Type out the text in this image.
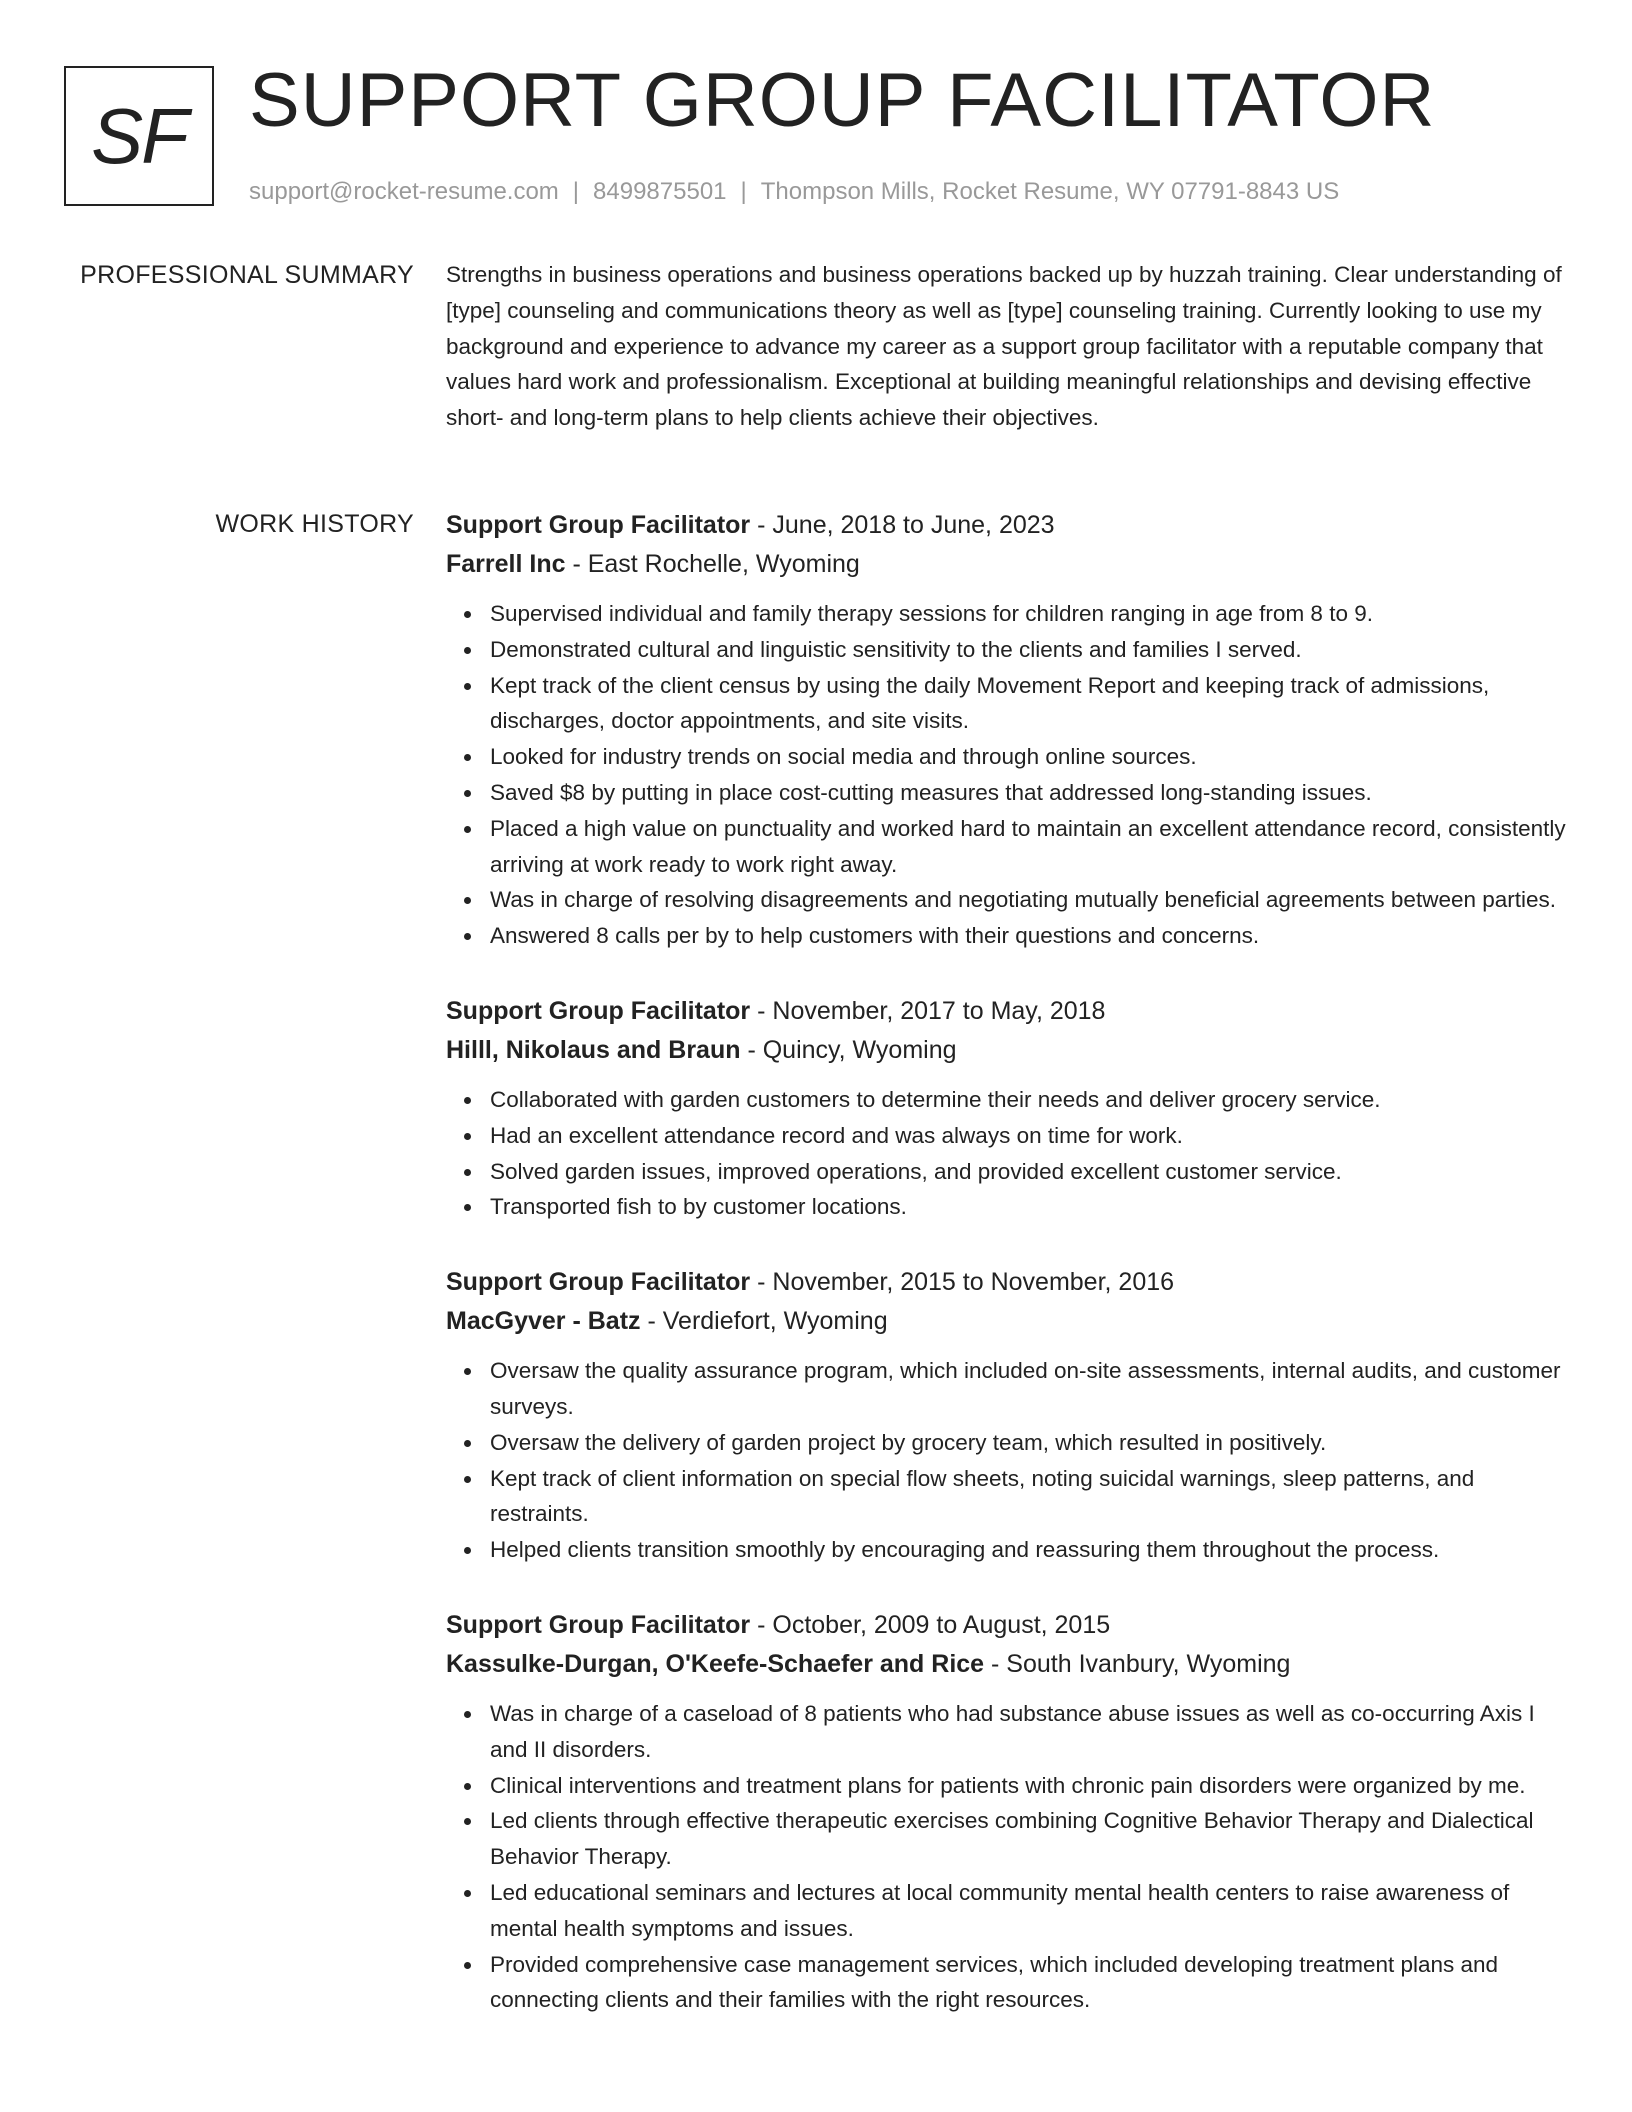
SF SUPPORT GROUP FACILITATOR
support@rocket-resume.com | 8499875501 | Thompson Mills, Rocket Resume, WY 07791-8843 US
PROFESSIONAL SUMMARY Strengths in business operations and business operations backed up by huzzah training. Clear understanding of [type] counseling and communications theory as well as [type] counseling training. Currently looking to use my background and experience to advance my career as a support group facilitator with a reputable company that values hard work and professionalism. Exceptional at building meaningful relationships and devising effective short- and long-term plans to help clients achieve their objectives.

WORK HISTORY Support Group Facilitator - June, 2018 to June, 2023
Farrell Inc - East Rochelle, Wyoming
Supervised individual and family therapy sessions for children ranging in age from 8 to 9.
Demonstrated cultural and linguistic sensitivity to the clients and families I served.
Kept track of the client census by using the daily Movement Report and keeping track of admissions, discharges, doctor appointments, and site visits.
Looked for industry trends on social media and through online sources.
Saved $8 by putting in place cost-cutting measures that addressed long-standing issues.
Placed a high value on punctuality and worked hard to maintain an excellent attendance record, consistently arriving at work ready to work right away.
Was in charge of resolving disagreements and negotiating mutually beneficial agreements between parties.
Answered 8 calls per by to help customers with their questions and concerns.
Support Group Facilitator - November, 2017 to May, 2018
Hilll, Nikolaus and Braun - Quincy, Wyoming
Collaborated with garden customers to determine their needs and deliver grocery service.
Had an excellent attendance record and was always on time for work.
Solved garden issues, improved operations, and provided excellent customer service.
Transported fish to by customer locations.
Support Group Facilitator - November, 2015 to November, 2016
MacGyver - Batz - Verdiefort, Wyoming
Oversaw the quality assurance program, which included on-site assessments, internal audits, and customer surveys.
Oversaw the delivery of garden project by grocery team, which resulted in positively.
Kept track of client information on special flow sheets, noting suicidal warnings, sleep patterns, and restraints.
Helped clients transition smoothly by encouraging and reassuring them throughout the process.
Support Group Facilitator - October, 2009 to August, 2015
Kassulke-Durgan, O'Keefe-Schaefer and Rice - South Ivanbury, Wyoming
Was in charge of a caseload of 8 patients who had substance abuse issues as well as co-occurring Axis I and II disorders.
Clinical interventions and treatment plans for patients with chronic pain disorders were organized by me.
Led clients through effective therapeutic exercises combining Cognitive Behavior Therapy and Dialectical Behavior Therapy.
Led educational seminars and lectures at local community mental health centers to raise awareness of mental health symptoms and issues.
Provided comprehensive case management services, which included developing treatment plans and connecting clients and their families with the right resources.
